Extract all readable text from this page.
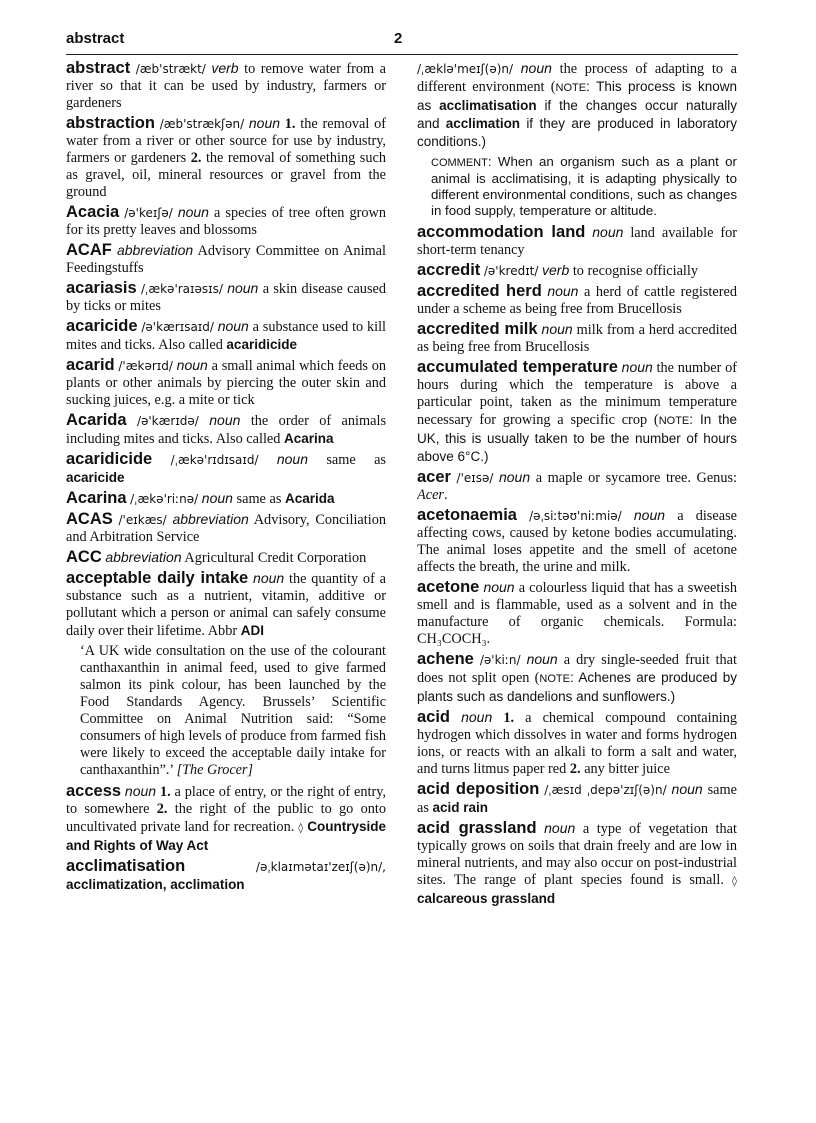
abstract	2
abstract /æb'strækt/ verb to remove water from a river so that it can be used by industry, farmers or gardeners
abstraction /æb'strækʃən/ noun 1. the removal of water from a river or other source for use by industry, farmers or gardeners 2. the removal of something such as gravel, oil, mineral resources or gravel from the ground
Acacia /ə'keɪʃə/ noun a species of tree often grown for its pretty leaves and blossoms
ACAF abbreviation Advisory Committee on Animal Feedingstuffs
acariasis /ˌækə'raɪəsɪs/ noun a skin disease caused by ticks or mites
acaricide /ə'kærɪsaɪd/ noun a substance used to kill mites and ticks. Also called acaridicide
acarid /'ækərɪd/ noun a small animal which feeds on plants or other animals by piercing the outer skin and sucking juices, e.g. a mite or tick
Acarida /ə'kærɪdə/ noun the order of animals including mites and ticks. Also called Acarina
acaridicide /ˌækə'rɪdɪsaɪd/ noun same as acaricide
Acarina /ˌækə'riːnə/ noun same as Acarida
ACAS /'eɪkæs/ abbreviation Advisory, Conciliation and Arbitration Service
ACC abbreviation Agricultural Credit Corporation
acceptable daily intake noun the quantity of a substance such as a nutrient, vitamin, additive or pollutant which a person or animal can safely consume daily over their lifetime. Abbr ADI
‘A UK wide consultation on the use of the colourant canthaxanthin in animal feed, used to give farmed salmon its pink colour, has been launched by the Food Standards Agency. Brussels’ Scientific Committee on Animal Nutrition said: “Some consumers of high levels of produce from farmed fish were likely to exceed the acceptable daily intake for canthaxanthin”.’ [The Grocer]
access noun 1. a place of entry, or the right of entry, to somewhere 2. the right of the public to go onto uncultivated private land for recreation. ◊ Countryside and Rights of Way Act
acclimatisation	/əˌklaɪmətaɪ'zeɪʃ(ə)n/, acclimatization, acclimation
/ˌæklə'meɪʃ(ə)n/ noun the process of adapting to a different environment (NOTE: This process is known as acclimatisation if the changes occur naturally and acclimation if they are produced in laboratory conditions.)
COMMENT: When an organism such as a plant or animal is acclimatising, it is adapting physically to different environmental conditions, such as changes in food supply, temperature or altitude.
accommodation land noun land available for short-term tenancy
accredit /ə'kredɪt/ verb to recognise officially
accredited herd noun a herd of cattle registered under a scheme as being free from Brucellosis
accredited milk noun milk from a herd accredited as being free from Brucellosis
accumulated temperature noun the number of hours during which the temperature is above a particular point, taken as the minimum temperature necessary for growing a specific crop (NOTE: In the UK, this is usually taken to be the number of hours above 6°C.)
acer /'eɪsə/ noun a maple or sycamore tree. Genus: Acer.
acetonaemia /əˌsiːtəʊ'niːmiə/ noun a disease affecting cows, caused by ketone bodies accumulating. The animal loses appetite and the smell of acetone affects the breath, the urine and milk.
acetone noun a colourless liquid that has a sweetish smell and is flammable, used as a solvent and in the manufacture of organic chemicals. Formula: CH₃COCH₃.
achene /ə'kiːn/ noun a dry single-seeded fruit that does not split open (NOTE: Achenes are produced by plants such as dandelions and sunflowers.)
acid noun 1. a chemical compound containing hydrogen which dissolves in water and forms hydrogen ions, or reacts with an alkali to form a salt and water, and turns litmus paper red 2. any bitter juice
acid deposition /ˌæsɪd ˌdepə'zɪʃ(ə)n/ noun same as acid rain
acid grassland noun a type of vegetation that typically grows on soils that drain freely and are low in mineral nutrients, and may also occur on post-industrial sites. The range of plant species found is small. ◊ calcareous grassland
